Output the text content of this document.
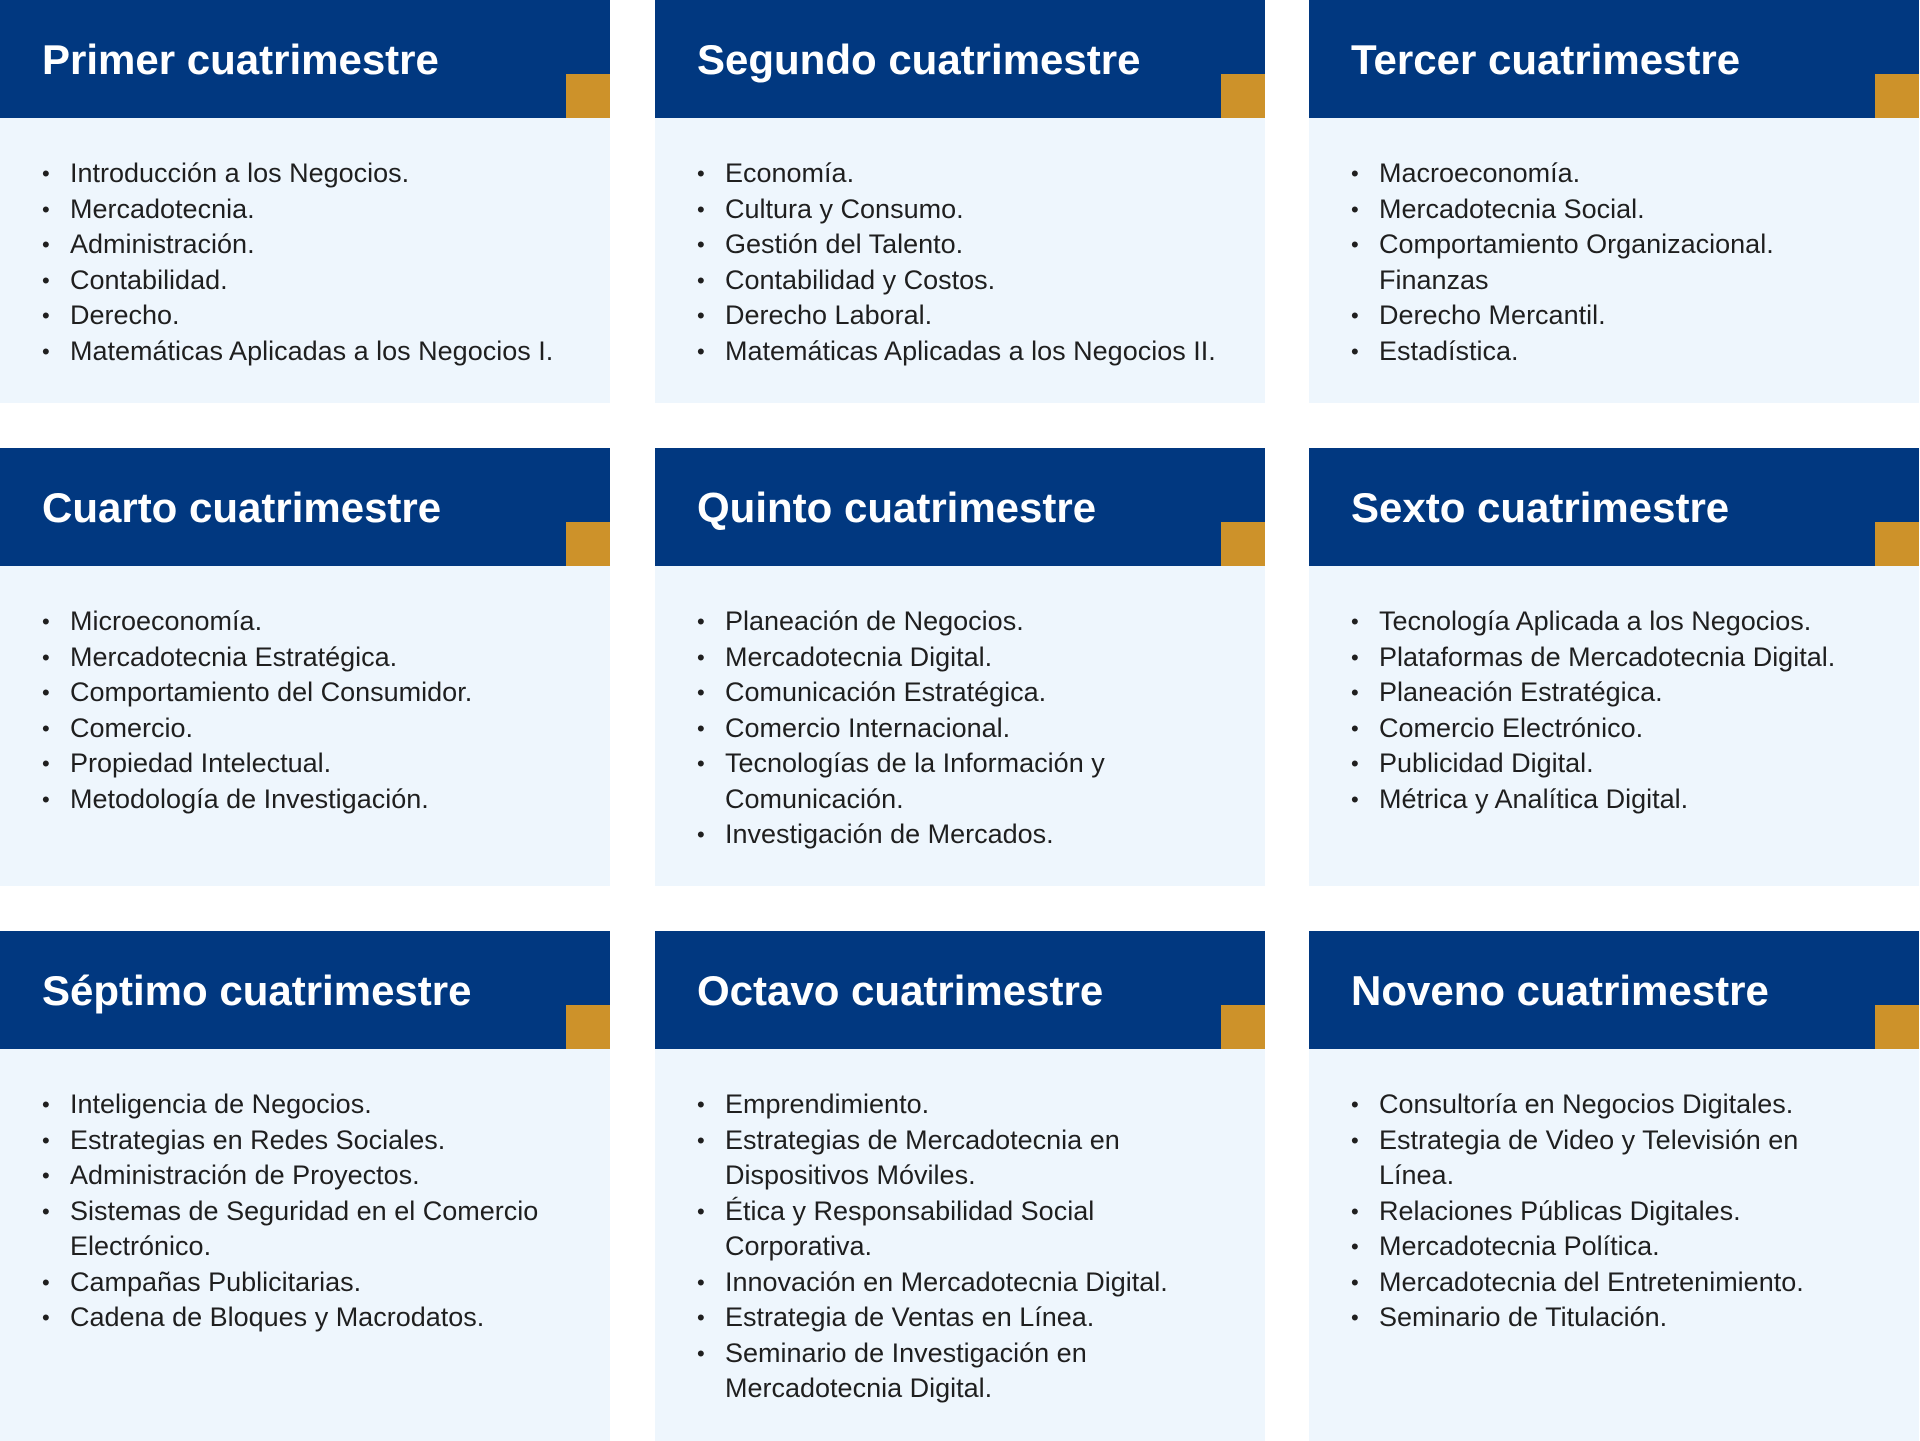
Primer cuatrimestre
• Introducción a los Negocios.
• Mercadotecnia.
• Administración.
• Contabilidad.
• Derecho.
• Matemáticas Aplicadas a los Negocios I.
Segundo cuatrimestre
• Economía.
• Cultura y Consumo.
• Gestión del Talento.
• Contabilidad y Costos.
• Derecho Laboral.
• Matemáticas Aplicadas a los Negocios II.
Tercer cuatrimestre
• Macroeconomía.
• Mercadotecnia Social.
• Comportamiento Organizacional.
Finanzas
• Derecho Mercantil.
• Estadística.
Cuarto cuatrimestre
• Microeconomía.
• Mercadotecnia Estratégica.
• Comportamiento del Consumidor.
• Comercio.
• Propiedad Intelectual.
• Metodología de Investigación.
Quinto cuatrimestre
• Planeación de Negocios.
• Mercadotecnia Digital.
• Comunicación Estratégica.
• Comercio Internacional.
• Tecnologías de la Información y
Comunicación.
• Investigación de Mercados.
Sexto cuatrimestre
• Tecnología Aplicada a los Negocios.
• Plataformas de Mercadotecnia Digital.
• Planeación Estratégica.
• Comercio Electrónico.
• Publicidad Digital.
• Métrica y Analítica Digital.
Séptimo cuatrimestre
• Inteligencia de Negocios.
• Estrategias en Redes Sociales.
• Administración de Proyectos.
• Sistemas de Seguridad en el Comercio
Electrónico.
• Campañas Publicitarias.
• Cadena de Bloques y Macrodatos.
Octavo cuatrimestre
• Emprendimiento.
• Estrategias de Mercadotecnia en
Dispositivos Móviles.
• Ética y Responsabilidad Social
Corporativa.
• Innovación en Mercadotecnia Digital.
• Estrategia de Ventas en Línea.
• Seminario de Investigación en
Mercadotecnia Digital.
Noveno cuatrimestre
• Consultoría en Negocios Digitales.
• Estrategia de Video y Televisión en
Línea.
• Relaciones Públicas Digitales.
• Mercadotecnia Política.
• Mercadotecnia del Entretenimiento.
• Seminario de Titulación.
